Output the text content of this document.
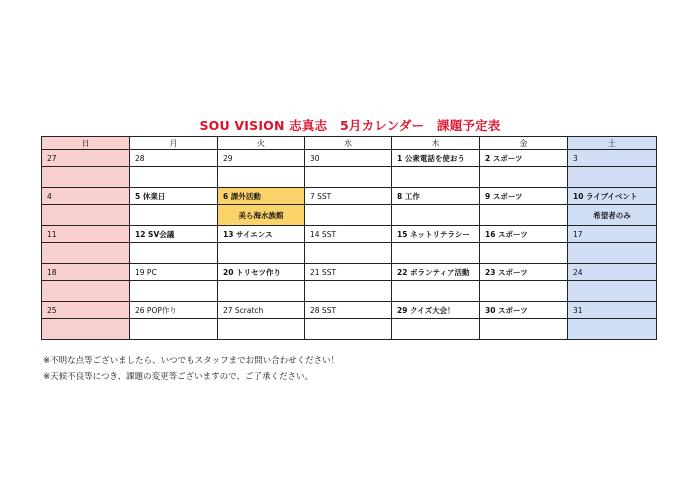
SOU VISION 志真志　5月カレンダー　課題予定表
日	月	火	水	木	金	土
27	28	29	30	1 公衆電話を使おう	2 スポーツ	3

4	5 休業日	6 課外活動	7 SST	8 工作	9 スポーツ	10 ライブイベント
		美ら海水族館				希望者のみ
11	12 SV会議	13 サイエンス	14 SST	15 ネットリテラシー	16 スポーツ	17

18	19 PC	20 トリセツ作り	21 SST	22 ボランティア活動	23 スポーツ	24

25	26 POP作り	27 Scratch	28 SST	29 クイズ大会！	30 スポーツ	31

※不明な点等ございましたら、いつでもスタッフまでお問い合わせください！
※天候不良等につき、課題の変更等ございますので、ご了承ください。
